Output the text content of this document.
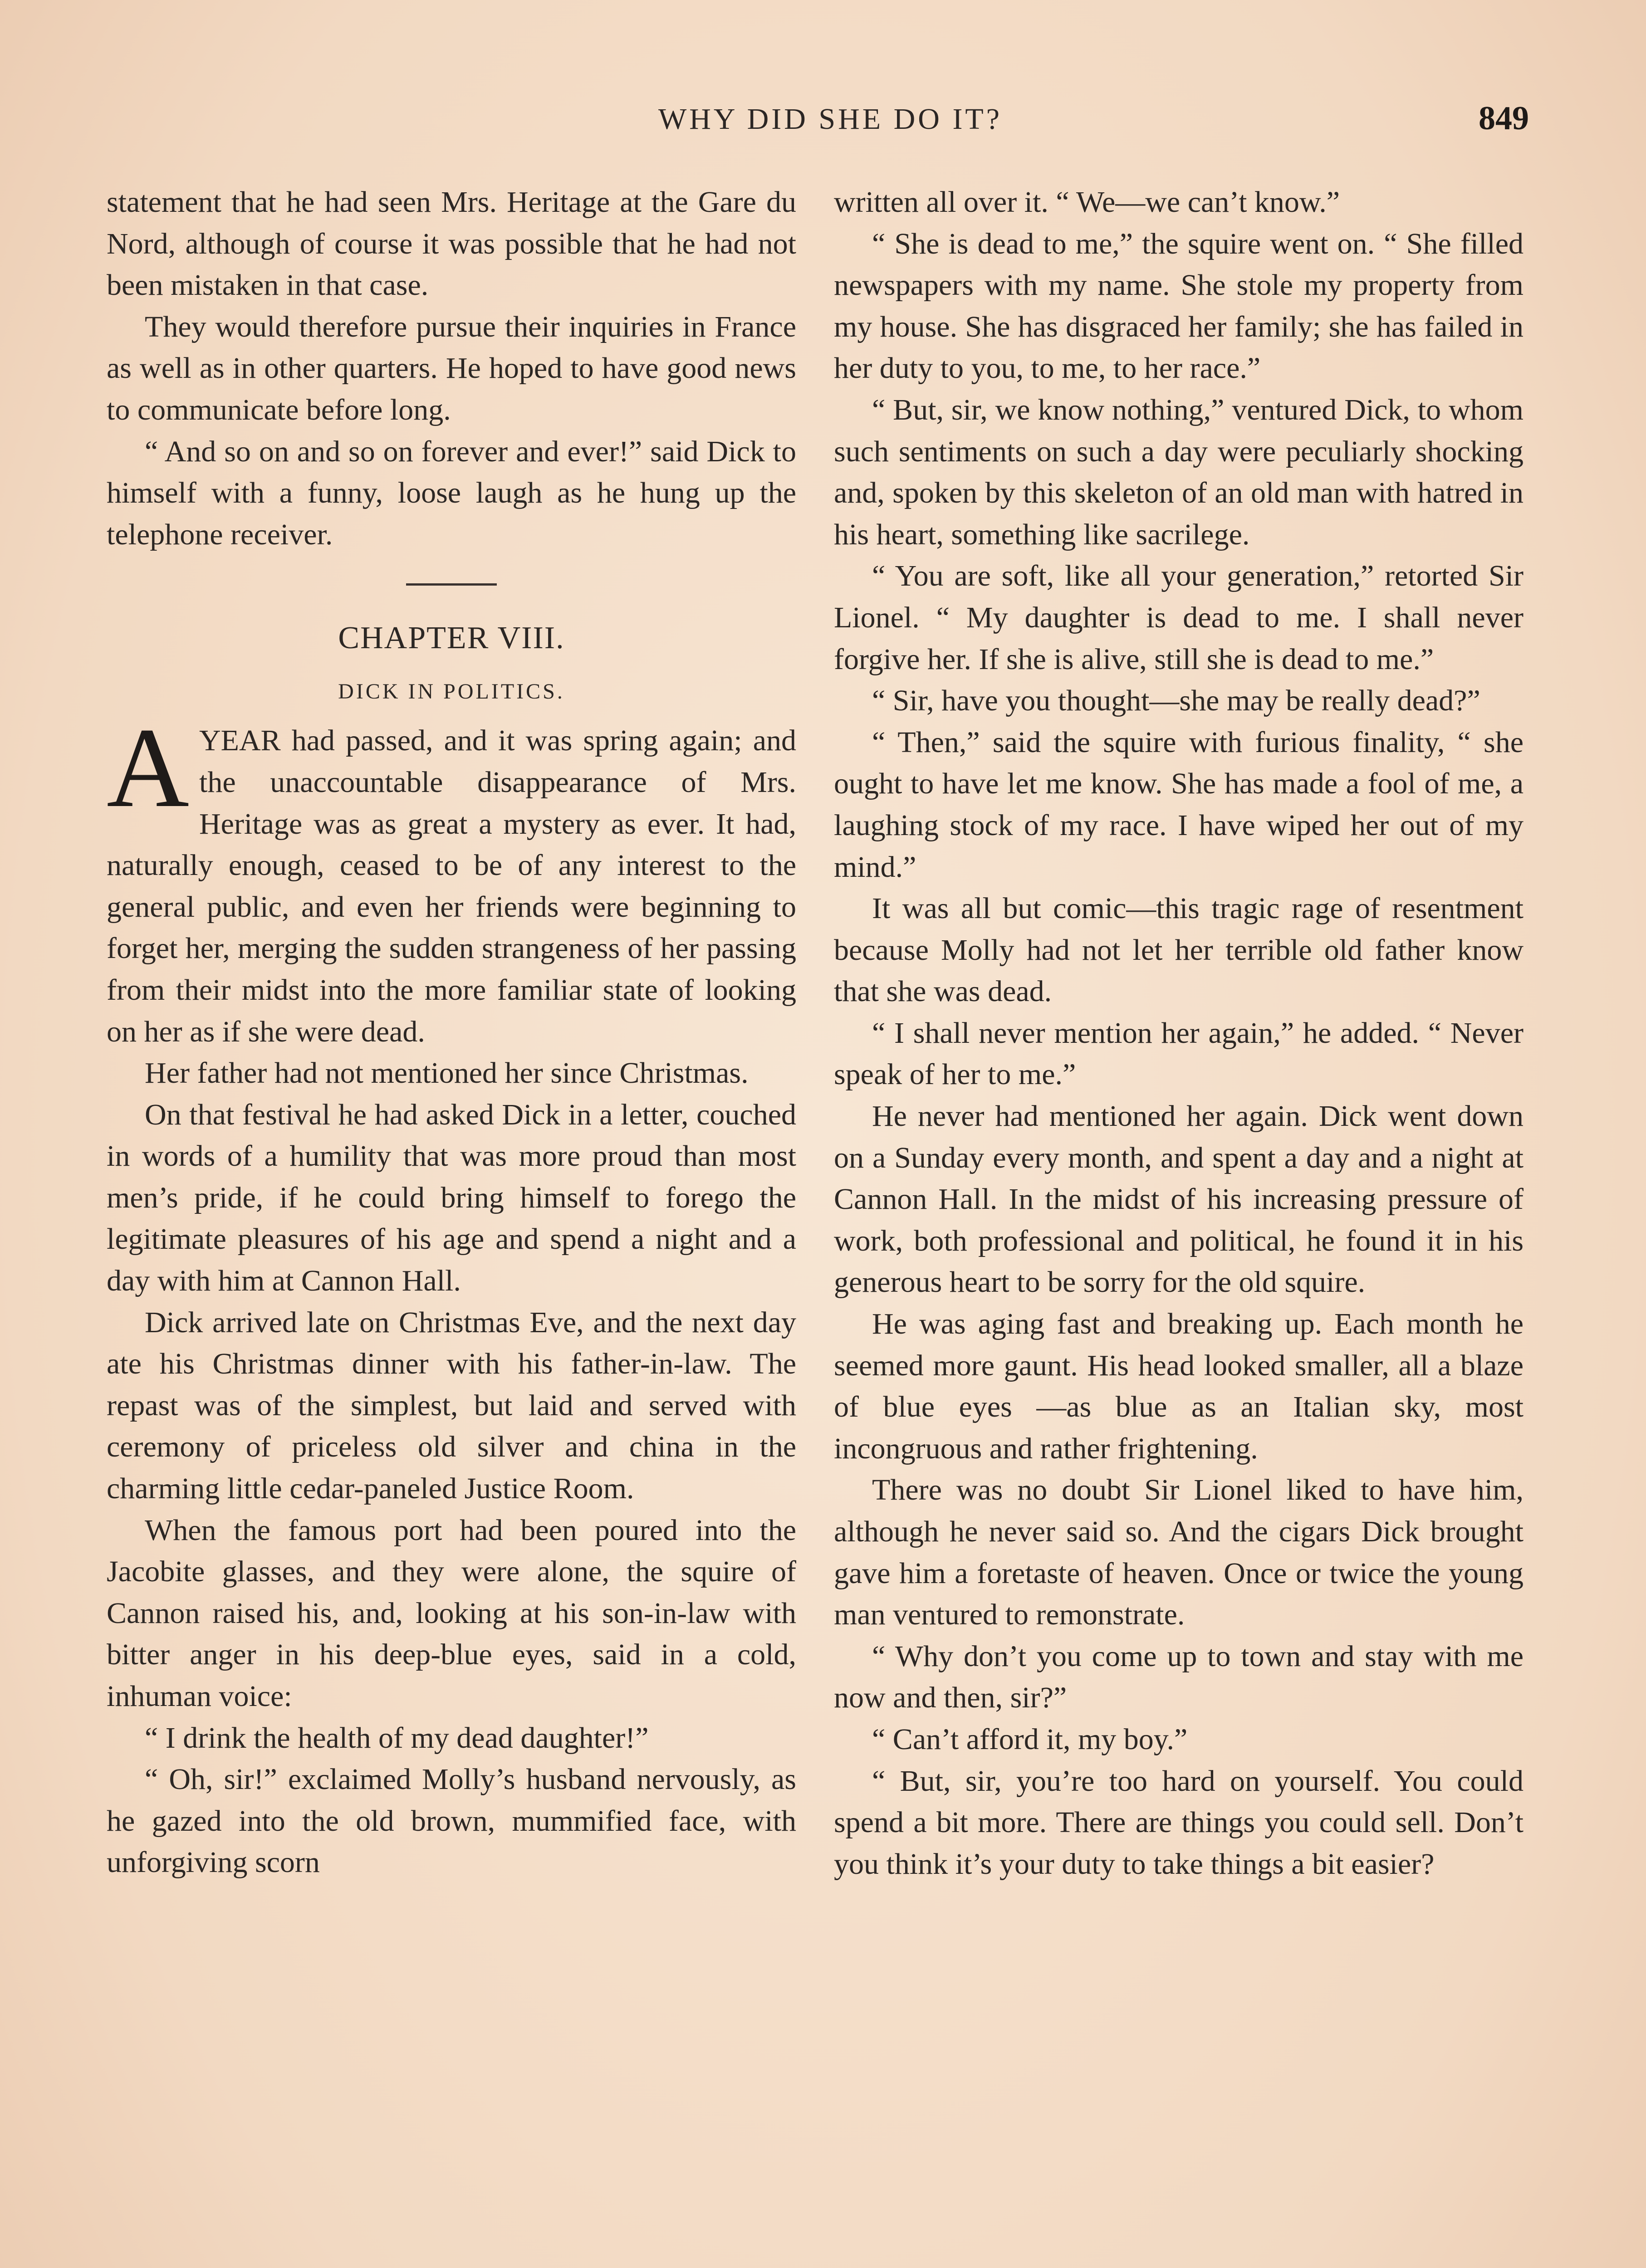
WHY DID SHE DO IT?	849

statement that he had seen Mrs. Heritage at the Gare du Nord, although of course it was possible that he had not been mistaken in that case.

They would therefore pursue their inquiries in France as well as in other quarters. He hoped to have good news to communicate before long.

“ And so on and so on forever and ever!” said Dick to himself with a funny, loose laugh as he hung up the telephone receiver.

CHAPTER VIII.
DICK IN POLITICS.

AYEAR had passed, and it was spring again; and the unaccountable disappearance of Mrs. Heritage was as great a mystery as ever. It had, naturally enough, ceased to be of any interest to the general public, and even her friends were beginning to forget her, merging the sudden strangeness of her passing from their midst into the more familiar state of looking on her as if she were dead.

Her father had not mentioned her since Christmas.

On that festival he had asked Dick in a letter, couched in words of a humility that was more proud than most men’s pride, if he could bring himself to forego the legitimate pleasures of his age and spend a night and a day with him at Cannon Hall.

Dick arrived late on Christmas Eve, and the next day ate his Christmas dinner with his father-in-law. The repast was of the simplest, but laid and served with ceremony of priceless old silver and china in the charming little cedar-paneled Justice Room.

When the famous port had been poured into the Jacobite glasses, and they were alone, the squire of Cannon raised his, and, looking at his son-in-law with bitter anger in his deep-blue eyes, said in a cold, inhuman voice:

“ I drink the health of my dead daughter!”

“ Oh, sir!” exclaimed Molly’s husband nervously, as he gazed into the old brown, mummified face, with unforgiving scorn

written all over it. “ We—we can’t know.”

“ She is dead to me,” the squire went on. “ She filled newspapers with my name. She stole my property from my house. She has disgraced her family; she has failed in her duty to you, to me, to her race.”

“ But, sir, we know nothing,” ventured Dick, to whom such sentiments on such a day were peculiarly shocking and, spoken by this skeleton of an old man with hatred in his heart, something like sacrilege.

“ You are soft, like all your generation,” retorted Sir Lionel. “ My daughter is dead to me. I shall never forgive her. If she is alive, still she is dead to me.”

“ Sir, have you thought—she may be really dead?”

“ Then,” said the squire with furious finality, “ she ought to have let me know. She has made a fool of me, a laughing stock of my race. I have wiped her out of my mind.”

It was all but comic—this tragic rage of resentment because Molly had not let her terrible old father know that she was dead.

“ I shall never mention her again,” he added. “ Never speak of her to me.”

He never had mentioned her again. Dick went down on a Sunday every month, and spent a day and a night at Cannon Hall. In the midst of his increasing pressure of work, both professional and political, he found it in his generous heart to be sorry for the old squire.

He was aging fast and breaking up. Each month he seemed more gaunt. His head looked smaller, all a blaze of blue eyes —as blue as an Italian sky, most incongruous and rather frightening.

There was no doubt Sir Lionel liked to have him, although he never said so. And the cigars Dick brought gave him a foretaste of heaven. Once or twice the young man ventured to remonstrate.

“ Why don’t you come up to town and stay with me now and then, sir?”

“ Can’t afford it, my boy.”

“ But, sir, you’re too hard on yourself. You could spend a bit more. There are things you could sell. Don’t you think it’s your duty to take things a bit easier?
